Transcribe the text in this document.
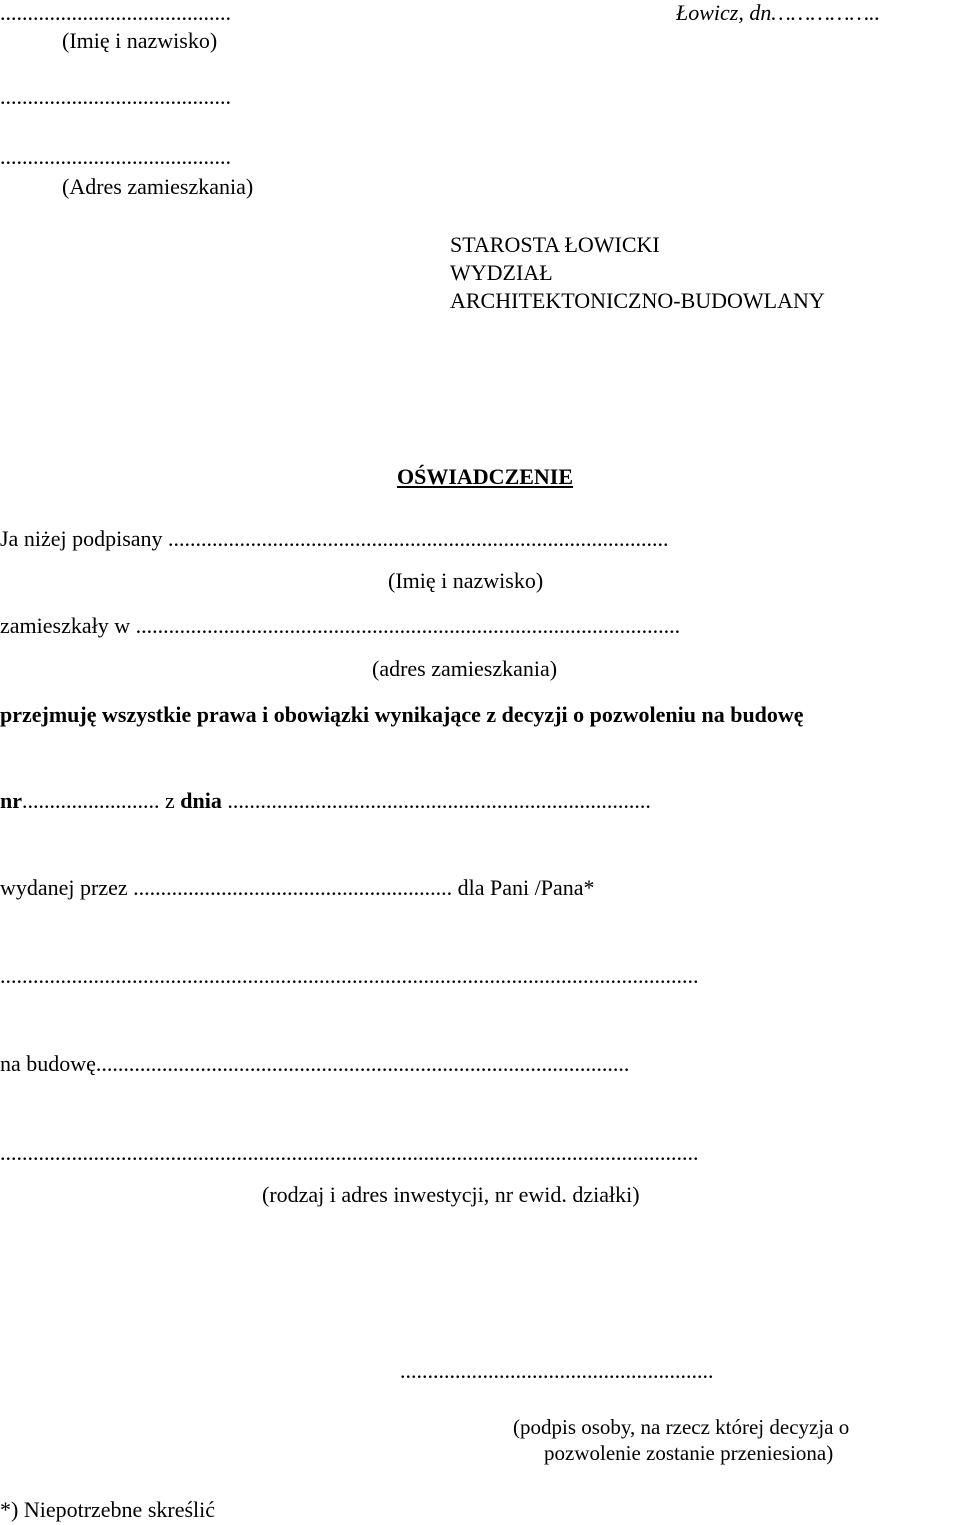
..........................................	Łowicz, dn……………..
(Imię i nazwisko)
..........................................
..........................................
(Adres zamieszkania)
STAROSTA ŁOWICKI
WYDZIAŁ
ARCHITEKTONICZNO-BUDOWLANY
OŚWIADCZENIE
Ja niżej podpisany ...........................................................................................
(Imię i nazwisko)
zamieszkały w ...................................................................................................
(adres zamieszkania)
przejmuję wszystkie prawa i obowiązki wynikające z decyzji o pozwoleniu na budowę
nr......................... z dnia .............................................................................
wydanej przez .......................................................... dla Pani /Pana*
...............................................................................................................................
na budowę.................................................................................................
...............................................................................................................................
(rodzaj i adres inwestycji, nr ewid. działki)
.........................................................
(podpis osoby, na rzecz której decyzja o
pozwolenie zostanie przeniesiona)
*) Niepotrzebne skreślić
